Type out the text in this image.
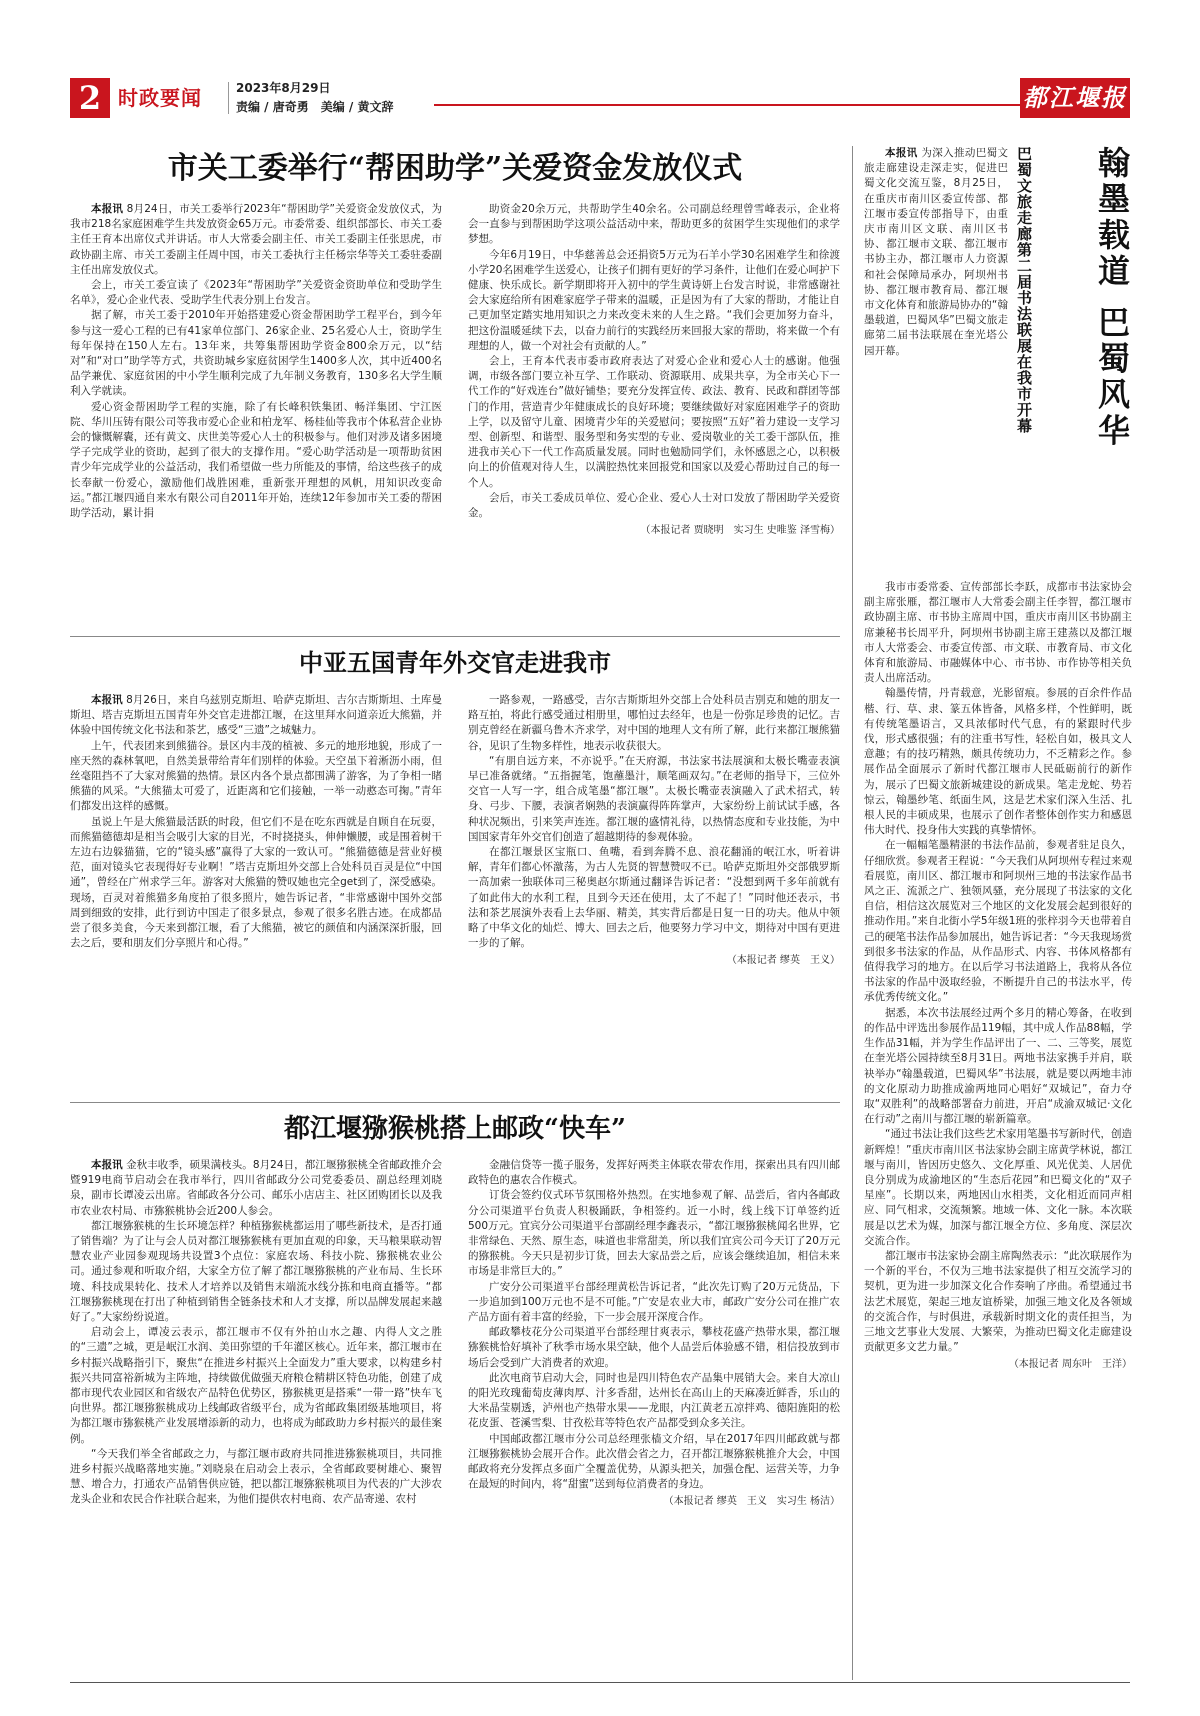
2 时政要闻	2023年8月29日
责编 / 唐奇勇　美编 / 黄文辞	都江堰报
市关工委举行“帮困助学”关爱资金发放仪式

本报讯 8月24日，市关工委举行2023年“帮困助学”关爱资金发放仪式，为我市218名家庭困难学生共发放资金65万元。市委常委、组织部部长、市关工委主任王育本出席仪式并讲话。市人大常委会副主任、市关工委副主任张思虎，市政协副主席、市关工委副主任周中国，市关工委执行主任杨宗华等关工委驻委副主任出席发放仪式。

会上，市关工委宣读了《2023年“帮困助学”关爱资金资助单位和受助学生名单》，爱心企业代表、受助学生代表分别上台发言。

据了解，市关工委于2010年开始搭建爱心资金帮困助学工程平台，到今年参与这一爱心工程的已有41家单位部门、26家企业、25名爱心人士，资助学生每年保持在150人左右。13年来，共筹集帮困助学资金800余万元，以“结对”和“对口”助学等方式，共资助城乡家庭贫困学生1400多人次，其中近400名品学兼优、家庭贫困的中小学生顺利完成了九年制义务教育，130多名大学生顺利入学就读。

爱心资金帮困助学工程的实施，除了有长峰积铁集团、畅洋集团、宁江医院、华川压铸有限公司等我市爱心企业和柏龙军、杨桂仙等我市个体私营企业协会的慷慨解囊，还有黄文、庆世美等爱心人士的积极参与。他们对涉及诸多困境学子完成学业的资助，起到了很大的支撑作用。“爱心助学活动是一项帮助贫困青少年完成学业的公益活动，我们希望做一些力所能及的事情，给这些孩子的成长奉献一份爱心，激励他们战胜困难，重新张开理想的风帆，用知识改变命运。”都江堰四通自来水有限公司自2011年开始，连续12年参加市关工委的帮困助学活动，累计捐

助资金20余万元，共帮助学生40余名。公司副总经理曾雪峰表示，企业将会一直参与到帮困助学这项公益活动中来，帮助更多的贫困学生实现他们的求学梦想。

今年6月19日，中华慈善总会还捐资5万元为石羊小学30名困难学生和徐渡小学20名困难学生送爱心，让孩子们拥有更好的学习条件，让他们在爱心呵护下健康、快乐成长。新学期即将开入初中的学生黄诗妍上台发言时说，非常感谢社会大家庭给所有困难家庭学子带来的温暖，正是因为有了大家的帮助，才能让自己更加坚定踏实地用知识之力来改变未来的人生之路。“我们会更加努力奋斗，把这份温暖延续下去，以奋力前行的实践经历来回报大家的帮助，将来做一个有理想的人，做一个对社会有贡献的人。”

会上，王育本代表市委市政府表达了对爱心企业和爱心人士的感谢。他强调，市级各部门要立补互学、工作联动、资源联用、成果共享，为全市关心下一代工作的“好戏连台”做好铺垫；要充分发挥宣传、政法、教育、民政和群团等部门的作用，营造青少年健康成长的良好环境；要继续做好对家庭困难学子的资助上学，以及留守儿童、困境青少年的关爱慰问；要按照“五好”着力建设一支学习型、创新型、和谐型、服务型和务实型的专业、爱岗敬业的关工委干部队伍，推进我市关心下一代工作高质量发展。同时也勉励同学们，永怀感恩之心，以积极向上的价值观对待人生，以满腔热忱来回报党和国家以及爱心帮助过自己的每一个人。

会后，市关工委成员单位、爱心企业、爱心人士对口发放了帮困助学关爱资金。

（本报记者 贾晓明　实习生 史唯鉴 泽雪梅）
中亚五国青年外交官走进我市

本报讯 8月26日，来自乌兹别克斯坦、哈萨克斯坦、吉尔吉斯斯坦、土库曼斯坦、塔吉克斯坦五国青年外交官走进都江堰，在这里拜水问道亲近大熊猫，并体验中国传统文化书法和茶艺，感受“三遗”之城魅力。

上午，代表团来到熊猫谷。景区内丰茂的植被、多元的地形地貌，形成了一座天然的森林氧吧，自然美景带给青年们别样的体验。天空虽下着淅沥小雨，但丝毫阻挡不了大家对熊猫的热情。景区内各个景点都围满了游客，为了争相一睹熊猫的风采。“大熊猫太可爱了，近距离和它们接触，一举一动憨态可掬。”青年们都发出这样的感慨。

虽说上午是大熊猫最活跃的时段，但它们不是在吃东西就是自顾自在玩耍，而熊猫德德却是相当会吸引大家的目光，不时挠挠头，伸伸懒腰，或是围着树干左边右边躲猫猫，它的“镜头感”赢得了大家的一致认可。“熊猫德德是营业好模范，面对镜头它表现得好专业啊！”塔吉克斯坦外交部上合处科员百灵是位“中国通”，曾经在广州求学三年。游客对大熊猫的赞叹她也完全get到了，深受感染。现场，百灵对着熊猫多角度拍了很多照片，她告诉记者，“非常感谢中国外交部周到细致的安排，此行到访中国走了很多景点，参观了很多名胜古迹。在成都品尝了很多美食，今天来到都江堰，看了大熊猫，被它的颜值和内涵深深折服，回去之后，要和朋友们分享照片和心得。”

一路参观，一路感受，吉尔吉斯斯坦外交部上合处科员吉别克和她的朋友一路互拍，将此行感受通过相册里，哪怕过去经年，也是一份弥足珍贵的记忆。吉别克曾经在新疆乌鲁木齐求学，对中国的地理人文有所了解，此行来都江堰熊猫谷，见识了生物多样性，地表示收获很大。

“有朋自远方来，不亦说乎。”在天府源，书法家书法展演和太极长嘴壶表演早已准备就绪。“五指握笔，饱蘸墨汁，顺笔画双勾。”在老师的指导下，三位外交官一人写一字，组合成笔墨“都江堰”。太极长嘴壶表演融入了武术招式，转身、弓步、下腰，表演者娴熟的表演赢得阵阵掌声，大家纷纷上前试试手感，各种状况频出，引来笑声连连。都江堰的盛情礼待，以热情态度和专业技能，为中国国家青年外交官们创造了超越期待的参观体验。

在都江堰景区宝瓶口、鱼嘴，看到奔腾不息、浪花翻涌的岷江水，听着讲解，青年们都心怀激荡，为古人先贤的智慧赞叹不已。哈萨克斯坦外交部俄罗斯一高加索一独联体司三秘奥赵尔斯通过翻译告诉记者：“没想到两千多年前就有了如此伟大的水利工程，且到今天还在使用，太了不起了！”同时他还表示，书法和茶艺展演外表看上去华丽、精美，其实背后都是日复一日的功夫。他从中领略了中华文化的灿烂、博大、回去之后，他要努力学习中文，期待对中国有更进一步的了解。

（本报记者 缪英　王义）
都江堰猕猴桃搭上邮政“快车”

本报讯 金秋丰收季，硕果满枝头。8月24日，都江堰猕猴桃全省邮政推介会暨919电商节启动会在我市举行，四川省邮政分公司党委委员、副总经理刘晓泉，副市长谭凌云出席。省邮政各分公司、邮乐小店店主、社区团购团长以及我市农业农村局、市猕猴桃协会近200人参会。

都江堰猕猴桃的生长环境怎样？种植猕猴桃都运用了哪些新技术，是否打通了销售端？为了让与会人员对都江堰猕猴桃有更加直观的印象，天马粮果联动智慧农业产业园参观现场共设置3个点位：家庭农场、科技小院、猕猴桃农业公司。通过参观和听取介绍，大家全方位了解了都江堰猕猴桃的产业布局、生长环境、科技成果转化、技术人才培养以及销售末端流水线分拣和电商直播等。“都江堰猕猴桃现在打出了种植到销售全链条技术和人才支撑，所以品牌发展起来越好了。”大家纷纷说道。

启动会上，谭凌云表示，都江堰市不仅有外拍山水之趣、内得人文之胜的“三遗”之城，更是岷江水润、美田弥望的千年灌区核心。近年来，都江堰市在乡村振兴战略指引下，聚焦“在推进乡村振兴上全面发力”重大要求，以构建乡村振兴共同富裕新城为主阵地，持续做优做强天府粮仓精耕区特色功能，创建了成都市现代农业园区和省级农产品特色优势区，猕猴桃更是搭乘“一带一路”快车飞向世界。都江堰猕猴桃成功上线邮政省级平台，成为省邮政集团级基地项目，将为都江堰市猕猴桃产业发展增添新的动力，也将成为邮政助力乡村振兴的最佳案例。

“今天我们举全省邮政之力，与都江堰市政府共同推进猕猴桃项目，共同推进乡村振兴战略落地实施。”刘晓泉在启动会上表示，全省邮政要树雄心、聚智慧、增合力，打通农产品销售供应链，把以都江堰猕猴桃项目为代表的广大涉农龙头企业和农民合作社联合起来，为他们提供农村电商、农产品寄递、农村

金融信贷等一揽子服务，发挥好两类主体联农带农作用，探索出具有四川邮政特色的惠农合作模式。

订货会签约仪式环节氛围格外热烈。在实地参观了解、品尝后，省内各邮政分公司渠道平台负责人积极踊跃，争相签约。近一小时，线上线下订单签约近500万元。宜宾分公司渠道平台部副经理李鑫表示，“都江堰猕猴桃闻名世界，它非常绿色、天然、原生态，味道也非常甜美，所以我们宜宾公司今天订了20万元的猕猴桃。今天只是初步订货，回去大家品尝之后，应该会继续追加，相信未来市场是非常巨大的。”

广安分公司渠道平台部经理黄松告诉记者，“此次先订购了20万元货品，下一步追加到100万元也不是不可能。”广安是农业大市，邮政广安分公司在推广农产品方面有着丰富的经验，下一步会展开深度合作。

邮政攀枝花分公司渠道平台部经理甘爽表示，攀枝花盛产热带水果，都江堰猕猴桃恰好填补了秋季市场水果空缺，他个人品尝后体验感不错，相信投放到市场后会受到广大消费者的欢迎。

此次电商节启动大会，同时也是四川特色农产品集中展销大会。来自大凉山的阳光玫瑰葡萄皮薄肉厚、汁多香甜，达州长在高山上的天麻凑近鲜香，乐山的大米晶莹剔透，泸州也产热带水果——龙眼，内江黄老五凉拌鸡、德阳旌阳的松花皮蛋、苍溪雪梨、甘孜松茸等特色农产品都受到众多关注。

中国邮政都江堰市分公司总经理张樯文介绍，早在2017年四川邮政就与都江堰猕猴桃协会展开合作。此次借会省之力，召开都江堰猕猴桃推介大会，中国邮政将充分发挥点多面广全覆盖优势，从源头把关，加强仓配、运营关等，力争在最短的时间内，将“甜蜜”送到每位消费者的身边。

（本报记者 缪英　王义　实习生 杨洁）
翰墨载道 巴蜀风华
巴蜀文旅走廊第二届书法联展在我市开幕

本报讯 为深入推动巴蜀文旅走廊建设走深走实，促进巴蜀文化交流互鉴，8月25日，在重庆市南川区委宣传部、都江堰市委宣传部指导下，由重庆市南川区文联、南川区书协、都江堰市文联、都江堰市书协主办，都江堰市人力资源和社会保障局承办，阿坝州书协、都江堰市教育局、都江堰市文化体育和旅游局协办的“翰墨载道，巴蜀风华”巴蜀文旅走廊第二届书法联展在奎光塔公园开幕。

我市市委常委、宣传部部长李跃，成都市书法家协会副主席张雁，都江堰市人大常委会副主任李智，都江堰市政协副主席、市书协主席周中国，重庆市南川区书协副主席兼秘书长周平升，阿坝州书协副主席王建蒸以及都江堰市人大常委会、市委宣传部、市文联、市教育局、市文化体育和旅游局、市融媒体中心、市书协、市作协等相关负责人出席活动。

翰墨传情，丹青载意，光影留痕。参展的百余件作品楷、行、草、隶、篆五体皆备，风格多样，个性鲜明，既有传统笔墨语言，又具浓郁时代气息，有的紧跟时代步伐，形式感很强；有的注重书写性，轻松自如，极具文人意趣；有的技巧精熟，颇具传统功力，不乏精彩之作。参展作品全面展示了新时代都江堰市人民砥砺前行的新作为，展示了巴蜀文旅新城建设的新成果。笔走龙蛇、势若惊云，翰墨纱笔、纸面生风，这是艺术家们深入生活、扎根人民的丰硕成果，也展示了创作者整体创作实力和感恩伟大时代、投身伟大实践的真挚情怀。

在一幅幅笔墨精湛的书法作品前，参观者驻足良久，仔细欣赏。参观者王程说：“今天我们从阿坝州专程过来观看展览，南川区、都江堰市和阿坝州三地的书法家作品书风之正、流派之广、独领风骚，充分展现了书法家的文化自信，相信这次展览对三个地区的文化发展会起到很好的推动作用。”来自北街小学5年级1班的张梓羽今天也带着自己的硬笔书法作品参加展出，她告诉记者：“今天我现场赏到很多书法家的作品，从作品形式、内容、书体风格都有值得我学习的地方。在以后学习书法道路上，我将从各位书法家的作品中汲取经验，不断提升自己的书法水平，传承优秀传统文化。”

据悉，本次书法展经过两个多月的精心筹备，在收到的作品中评选出参展作品119幅，其中成人作品88幅，学生作品31幅，并为学生作品评出了一、二、三等奖，展览在奎光塔公园持续至8月31日。两地书法家携手并肩，联袂举办“翰墨载道，巴蜀风华”书法展，就是要以两地丰沛的文化原动力助推成渝两地同心唱好“双城记”，奋力夺取“双胜利”的战略部署奋力前进，开启“成渝双城记·文化在行动”之南川与都江堰的崭新篇章。

“通过书法让我们这些艺术家用笔墨书写新时代，创造新辉煌！”重庆市南川区书法家协会副主席黄学林说，都江堰与南川，皆因历史悠久、文化厚重、风光优美、人居优良分别成为成渝地区的“生态后花园”和巴蜀文化的“双子星座”。长期以来，两地因山水相类，文化相近而同声相应、同气相求，交流频繁。地域一体、文化一脉。本次联展是以艺术为媒，加深与都江堰全方位、多角度、深层次交流合作。

都江堰市书法家协会副主席陶然表示：“此次联展作为一个新的平台，不仅为三地书法家提供了相互交流学习的契机，更为进一步加深文化合作奏响了序曲。希望通过书法艺术展览，架起三地友谊桥梁，加强三地文化及各领域的交流合作，与时俱进，承载新时期文化的责任担当，为三地文艺事业大发展、大繁荣，为推动巴蜀文化走廊建设贡献更多文艺力量。”

（本报记者 周东叶　王洋）
